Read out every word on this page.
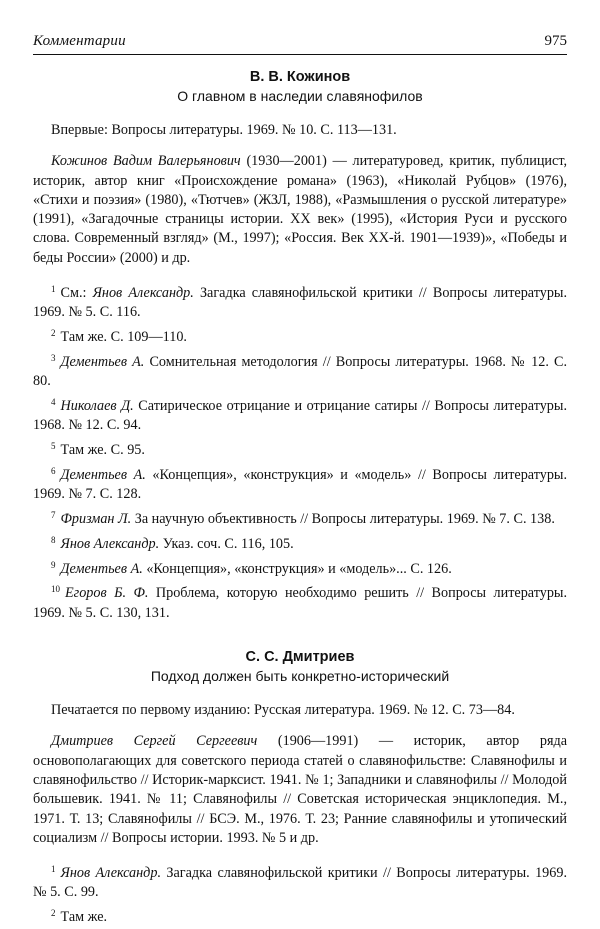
Комментарии	975
В. В. Кожинов
О главном в наследии славянофилов

Впервые: Вопросы литературы. 1969. № 10. С. 113—131.

Кожинов Вадим Валерьянович (1930—2001) — литературовед, критик, публицист, историк, автор книг «Происхождение романа» (1963), «Николай Рубцов» (1976), «Стихи и поэзия» (1980), «Тютчев» (ЖЗЛ, 1988), «Размышления о русской литературе» (1991), «Загадочные страницы истории. XX век» (1995), «История Руси и русского слова. Современный взгляд» (М., 1997); «Россия. Век XX-й. 1901—1939)», «Победы и беды России» (2000) и др.

$^1$ См.: Янов Александр. Загадка славянофильской критики // Вопросы литературы. 1969. № 5. С. 116.

$^2$ Там же. С. 109—110.

$^3$ Дементьев А. Сомнительная методология // Вопросы литературы. 1968. № 12. С. 80.

$^4$ Николаев Д. Сатирическое отрицание и отрицание сатиры // Вопросы литературы. 1968. № 12. С. 94.

$^5$ Там же. С. 95.

$^6$ Дементьев А. «Концепция», «конструкция» и «модель» // Вопросы литературы. 1969. № 7. С. 128.

$^7$ Фризман Л. За научную объективность // Вопросы литературы. 1969. № 7. С. 138.

$^8$ Янов Александр. Указ. соч. С. 116, 105.

$^9$ Дементьев А. «Концепция», «конструкция» и «модель»... С. 126.

$^{10}$ Егоров Б. Ф. Проблема, которую необходимо решить // Вопросы литературы. 1969. № 5. С. 130, 131.

С. С. Дмитриев
Подход должен быть конкретно-исторический

Печатается по первому изданию: Русская литература. 1969. № 12. С. 73—84.

Дмитриев Сергей Сергеевич (1906—1991) — историк, автор ряда основополагающих для советского периода статей о славянофильстве: Славянофилы и славянофильство // Историк-марксист. 1941. № 1; Западники и славянофилы // Молодой большевик. 1941. № 11; Славянофилы // Советская историческая энциклопедия. М., 1971. Т. 13; Славянофилы // БСЭ. М., 1976. Т. 23; Ранние славянофилы и утопический социализм // Вопросы истории. 1993. № 5 и др.

$^1$ Янов Александр. Загадка славянофильской критики // Вопросы литературы. 1969. № 5. С. 99.

$^2$ Там же.
